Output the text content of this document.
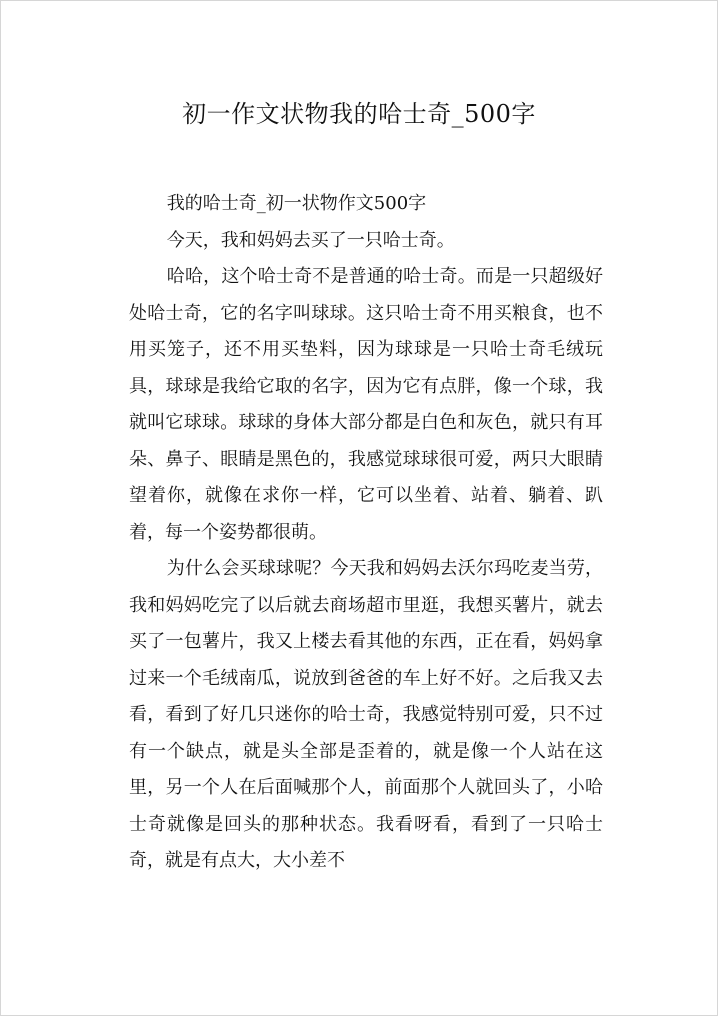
初一作文状物我的哈士奇_500字

我的哈士奇_初一状物作文500字

今天，我和妈妈去买了一只哈士奇。

哈哈，这个哈士奇不是普通的哈士奇。而是一只超级好处哈士奇，它的名字叫球球。这只哈士奇不用买粮食，也不用买笼子，还不用买垫料，因为球球是一只哈士奇毛绒玩具，球球是我给它取的名字，因为它有点胖，像一个球，我就叫它球球。球球的身体大部分都是白色和灰色，就只有耳朵、鼻子、眼睛是黑色的，我感觉球球很可爱，两只大眼睛望着你，就像在求你一样，它可以坐着、站着、躺着、趴着，每一个姿势都很萌。

为什么会买球球呢？今天我和妈妈去沃尔玛吃麦当劳，我和妈妈吃完了以后就去商场超市里逛，我想买薯片，就去买了一包薯片，我又上楼去看其他的东西，正在看，妈妈拿过来一个毛绒南瓜，说放到爸爸的车上好不好。之后我又去看，看到了好几只迷你的哈士奇，我感觉特别可爱，只不过有一个缺点，就是头全部是歪着的，就是像一个人站在这里，另一个人在后面喊那个人，前面那个人就回头了，小哈士奇就像是回头的那种状态。我看呀看，看到了一只哈士奇，就是有点大，大小差不
